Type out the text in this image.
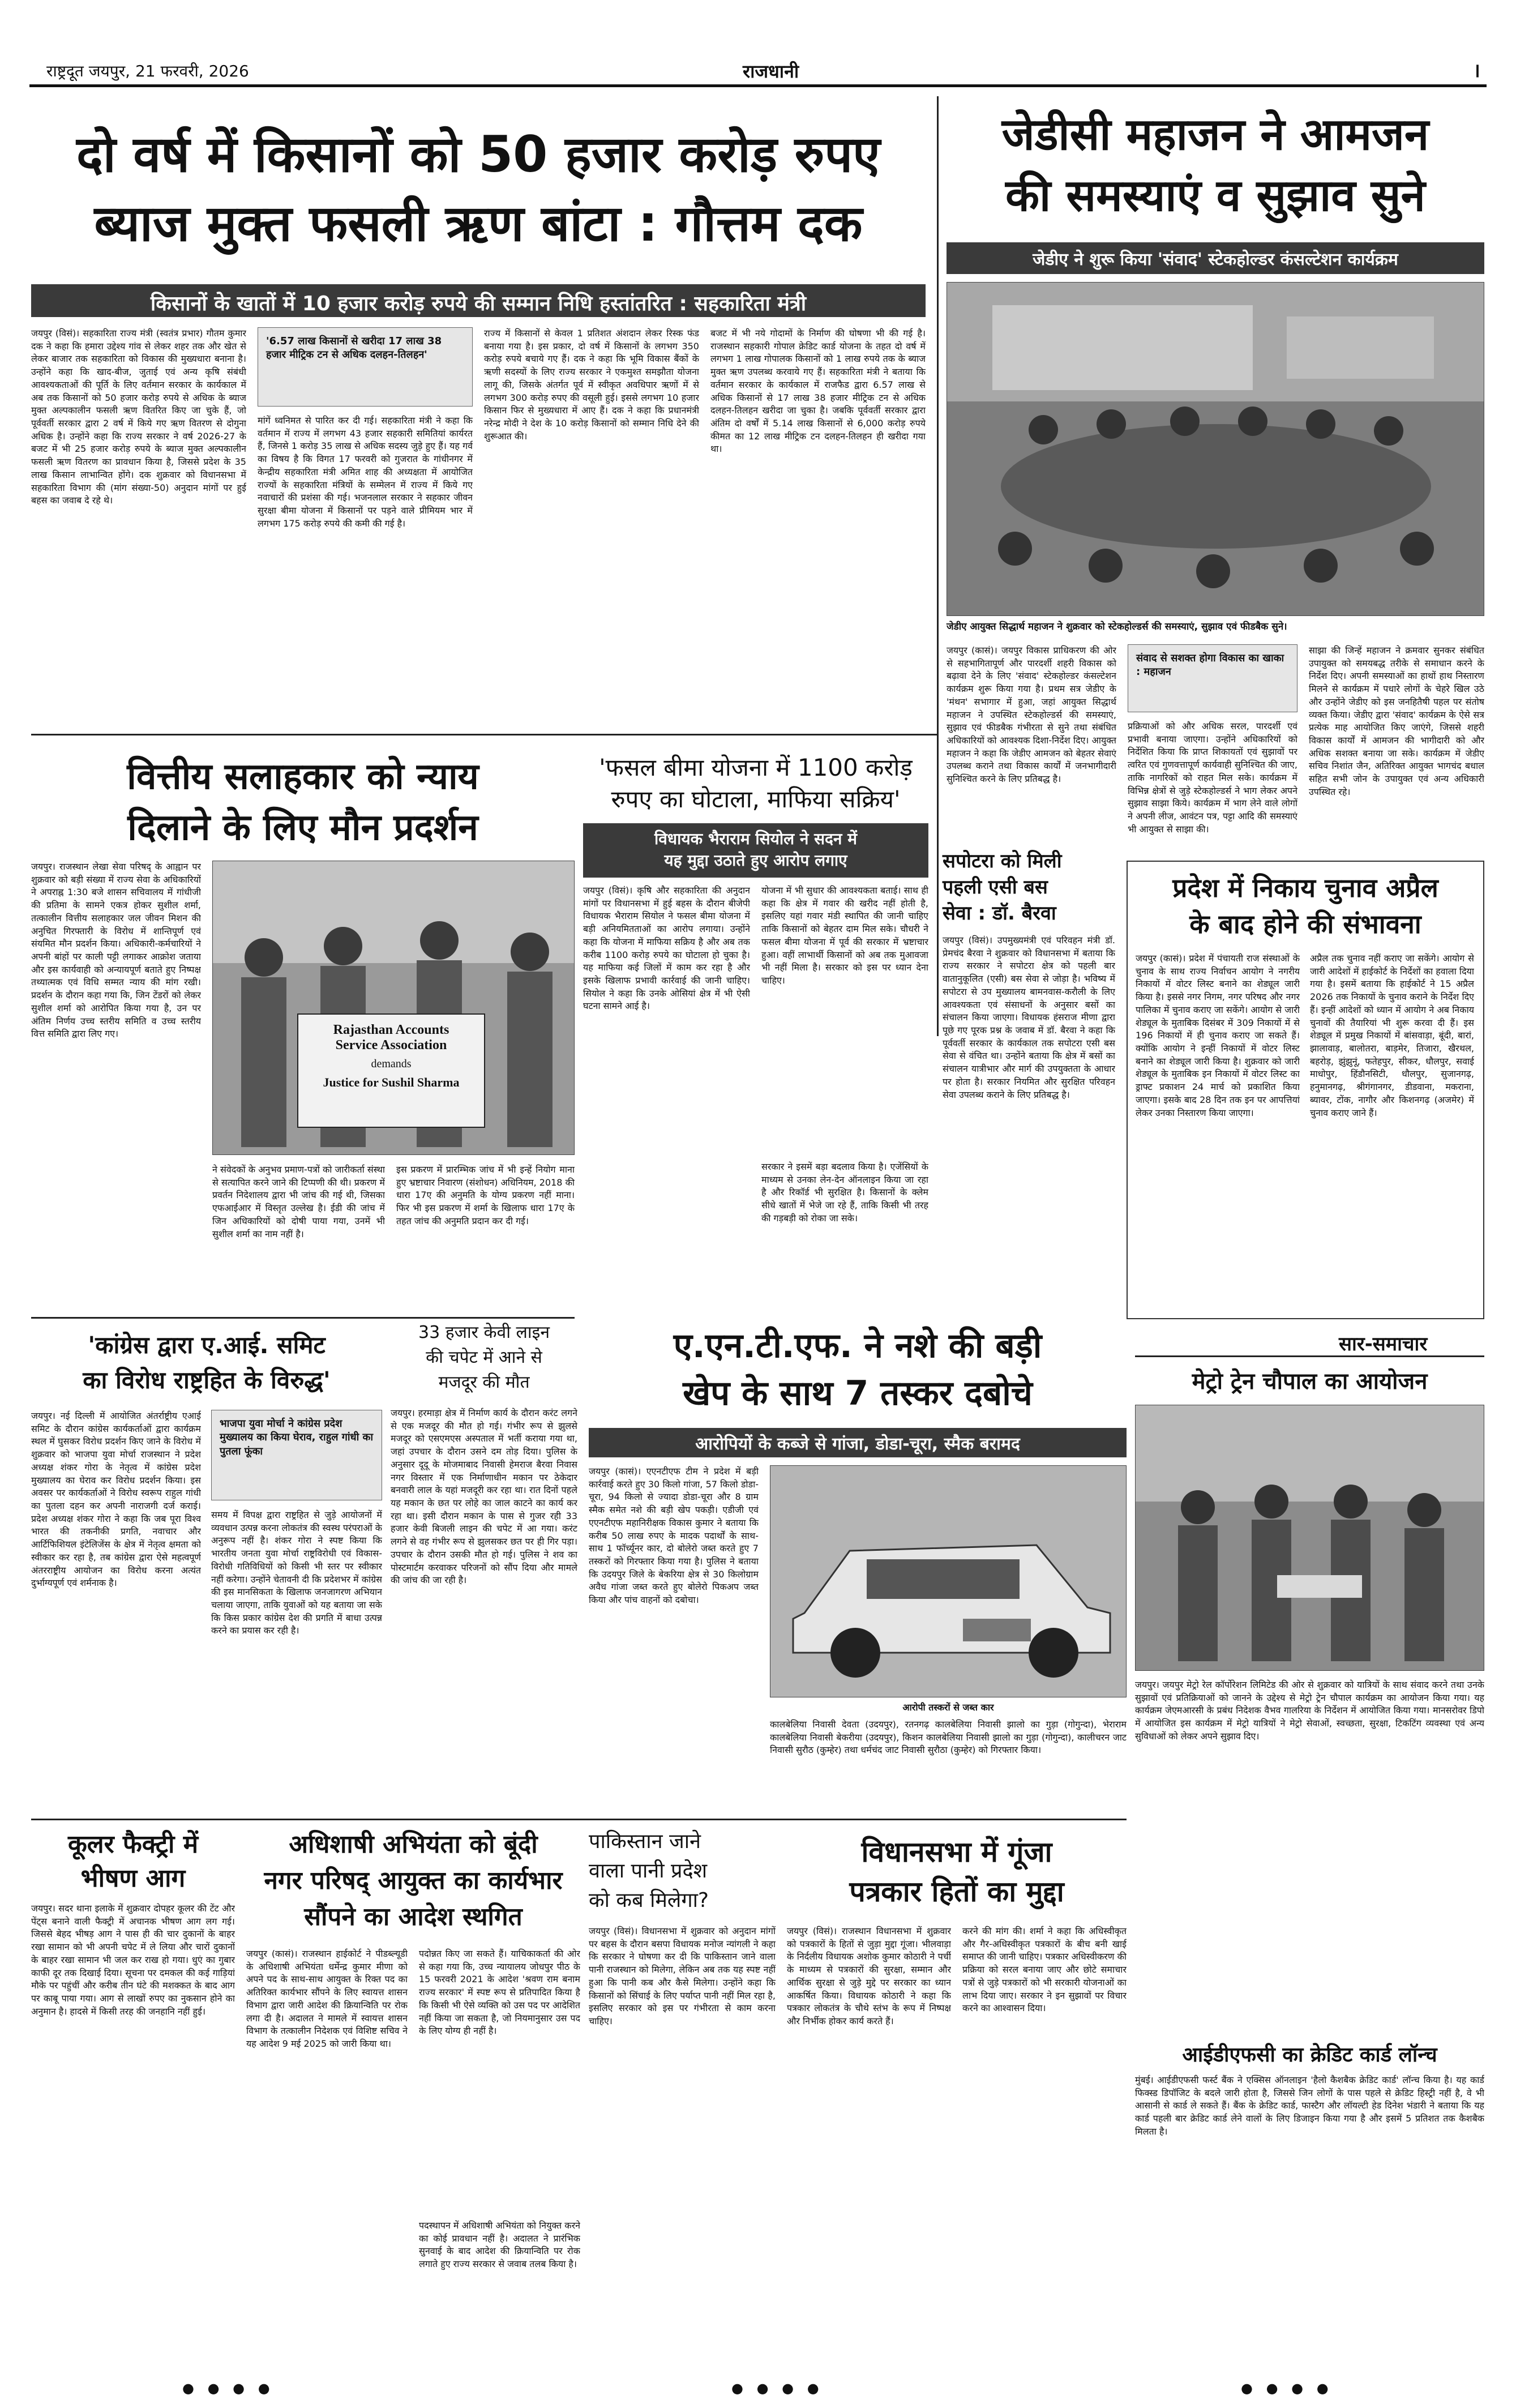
राष्ट्रदूत जयपुर, 21 फरवरी, 2026	राजधानी	।
दो वर्ष में किसानों को 50 हजार करोड़ रुपए
ब्याज मुक्त फसली ऋण बांटा : गौत्तम दक
किसानों के खातों में 10 हजार करोड़ रुपये की सम्मान निधि हस्तांतरित : सहकारिता मंत्री
जयपुर (विसं)। सहकारिता राज्य मंत्री (स्वतंत्र प्रभार) गौतम कुमार दक ने कहा कि हमारा उद्देश्य गांव से लेकर शहर तक और खेत से लेकर बाजार तक सहकारिता को विकास की मुख्यधारा बनाना है। उन्होंने कहा कि खाद-बीज, जुताई एवं अन्य कृषि संबंधी आवश्यकताओं की पूर्ति के लिए वर्तमान सरकार के कार्यकाल में अब तक किसानों को 50 हजार करोड़ रुपये से अधिक के ब्याज मुक्त अल्पकालीन फसली ऋण वितरित किए जा चुके हैं, जो पूर्ववर्ती सरकार द्वारा 2 वर्ष में किये गए ऋण वितरण से दोगुना अधिक है। उन्होंने कहा कि राज्य सरकार ने वर्ष 2026-27 के बजट में भी 25 हजार करोड़ रुपये के ब्याज मुक्त अल्पकालीन फसली ऋण वितरण का प्रावधान किया है, जिससे प्रदेश के 35 लाख किसान लाभान्वित होंगे। दक शुक्रवार को विधानसभा में सहकारिता विभाग की (मांग संख्या-50) अनुदान मांगों पर हुई बहस का जवाब दे रहे थे।
'6.57 लाख किसानों से खरीदा 17 लाख 38 हजार मीट्रिक टन से अधिक दलहन-तिलहन'
मांगें ध्वनिमत से पारित कर दी गई। सहकारिता मंत्री ने कहा कि वर्तमान में राज्य में लगभग 43 हजार सहकारी समितियां कार्यरत हैं, जिनसे 1 करोड़ 35 लाख से अधिक सदस्य जुड़े हुए हैं। यह गर्व का विषय है कि विगत 17 फरवरी को गुजरात के गांधीनगर में केन्द्रीय सहकारिता मंत्री अमित शाह की अध्यक्षता में आयोजित राज्यों के सहकारिता मंत्रियों के सम्मेलन में राज्य में किये गए नवाचारों की प्रशंसा की गई। भजनलाल सरकार ने सहकार जीवन सुरक्षा बीमा योजना में किसानों पर पड़ने वाले प्रीमियम भार में लगभग 175 करोड़ रुपये की कमी की गई है।
राज्य में किसानों से केवल 1 प्रतिशत अंशदान लेकर रिस्क फंड बनाया गया है। इस प्रकार, दो वर्ष में किसानों के लगभग 350 करोड़ रुपये बचाये गए हैं। दक ने कहा कि भूमि विकास बैंकों के ऋणी सदस्यों के लिए राज्य सरकार ने एकमुश्त समझौता योजना लागू की, जिसके अंतर्गत पूर्व में स्वीकृत अवधिपार ऋणों में से लगभग 300 करोड़ रुपए की वसूली हुई। इससे लगभग 10 हजार किसान फिर से मुख्यधारा में आए हैं। दक ने कहा कि प्रधानमंत्री नरेन्द्र मोदी ने देश के 10 करोड़ किसानों को सम्मान निधि देने की शुरूआत की।
बजट में भी नये गोदामों के निर्माण की घोषणा भी की गई है। राजस्थान सहकारी गोपाल क्रेडिट कार्ड योजना के तहत दो वर्ष में लगभग 1 लाख गोपालक किसानों को 1 लाख रुपये तक के ब्याज मुक्त ऋण उपलब्ध करवाये गए हैं। सहकारिता मंत्री ने बताया कि वर्तमान सरकार के कार्यकाल में राजफैड द्वारा 6.57 लाख से अधिक किसानों से 17 लाख 38 हजार मीट्रिक टन से अधिक दलहन-तिलहन खरीदा जा चुका है। जबकि पूर्ववर्ती सरकार द्वारा अंतिम दो वर्षों में 5.14 लाख किसानों से 6,000 करोड़ रुपये कीमत का 12 लाख मीट्रिक टन दलहन-तिलहन ही खरीदा गया था।
जेडीसी महाजन ने आमजन
की समस्याएं व सुझाव सुने
जेडीए ने शुरू किया 'संवाद' स्टेकहोल्डर कंसल्टेशन कार्यक्रम
जेडीए आयुक्त सिद्धार्थ महाजन ने शुक्रवार को स्टेकहोल्डर्स की समस्याएं, सुझाव एवं फीडबैक सुने।
जयपुर (कासं)। जयपुर विकास प्राधिकरण की ओर से सहभागितापूर्ण और पारदर्शी शहरी विकास को बढ़ावा देने के लिए 'संवाद' स्टेकहोल्डर कंसल्टेशन कार्यक्रम शुरू किया गया है। प्रथम सत्र जेडीए के 'मंथन' सभागार में हुआ, जहां आयुक्त सिद्धार्थ महाजन ने उपस्थित स्टेकहोल्डर्स की समस्याएं, सुझाव एवं फीडबैक गंभीरता से सुने तथा संबंधित अधिकारियों को आवश्यक दिशा-निर्देश दिए। आयुक्त महाजन ने कहा कि जेडीए आमजन को बेहतर सेवाएं उपलब्ध कराने तथा विकास कार्यों में जनभागीदारी सुनिश्चित करने के लिए प्रतिबद्ध है।
संवाद से सशक्त होगा विकास का खाका : महाजन
प्रक्रियाओं को और अधिक सरल, पारदर्शी एवं प्रभावी बनाया जाएगा। उन्होंने अधिकारियों को निर्देशित किया कि प्राप्त शिकायतों एवं सुझावों पर त्वरित एवं गुणवत्तापूर्ण कार्यवाही सुनिश्चित की जाए, ताकि नागरिकों को राहत मिल सके। कार्यक्रम में विभिन्न क्षेत्रों से जुड़े स्टेकहोल्डर्स ने भाग लेकर अपने सुझाव साझा किये। कार्यक्रम में भाग लेने वाले लोगों ने अपनी लीज, आवंटन पत्र, पट्टा आदि की समस्याएं भी आयुक्त से साझा की।
साझा की जिन्हें महाजन ने क्रमवार सुनकर संबंधित उपायुक्त को समयबद्ध तरीके से समाधान करने के निर्देश दिए। अपनी समस्याओं का हाथों हाथ निस्तारण मिलने से कार्यक्रम में पधारे लोगों के चेहरे खिल उठे और उन्होंने जेडीए को इस जनहितैषी पहल पर संतोष व्यक्त किया। जेडीए द्वारा 'संवाद' कार्यक्रम के ऐसे सत्र प्रत्येक माह आयोजित किए जाएंगे, जिससे शहरी विकास कार्यों में आमजन की भागीदारी को और अधिक सशक्त बनाया जा सके। कार्यक्रम में जेडीए सचिव निशांत जैन, अतिरिक्त आयुक्त भागचंद बधाल सहित सभी जोन के उपायुक्त एवं अन्य अधिकारी उपस्थित रहे।
वित्तीय सलाहकार को न्याय
दिलाने के लिए मौन प्रदर्शन
जयपुर। राजस्थान लेखा सेवा परिषद् के आह्वान पर शुक्रवार को बड़ी संख्या में राज्य सेवा के अधिकारियों ने अपराह्न 1:30 बजे शासन सचिवालय में गांधीजी की प्रतिमा के सामने एकत्र होकर सुशील शर्मा, तत्कालीन वित्तीय सलाहकार जल जीवन मिशन की अनुचित गिरफ्तारी के विरोध में शान्तिपूर्ण एवं संयमित मौन प्रदर्शन किया। अधिकारी-कर्मचारियों ने अपनी बांहों पर काली पट्टी लगाकर आक्रोश जताया और इस कार्यवाही को अन्यायपूर्ण बताते हुए निष्पक्ष तथ्यात्मक एवं विधि सम्मत न्याय की मांग रखी। प्रदर्शन के दौरान कहा गया कि, जिन टेंडरों को लेकर सुशील शर्मा को आरोपित किया गया है, उन पर अंतिम निर्णय उच्च स्तरीय समिति व उच्च स्तरीय वित्त समिति द्वारा लिए गए।	Rajasthan Accounts
Service Association
demands
Justice for Sushil Sharma
ने संवेदकों के अनुभव प्रमाण-पत्रों को जारीकर्ता संस्था से सत्यापित करने जाने की टिप्पणी की थी। प्रकरण में प्रवर्तन निदेशालय द्वारा भी जांच की गई थी, जिसका एफआईआर में विस्तृत उल्लेख है। ईडी की जांच में जिन अधिकारियों को दोषी पाया गया, उनमें भी सुशील शर्मा का नाम नहीं है।
इस प्रकरण में प्रारम्भिक जांच में भी इन्हें नियोग माना हुए भ्रष्टाचार निवारण (संशोधन) अधिनियम, 2018 की धारा 17ए की अनुमति के योग्य प्रकरण नहीं माना। फिर भी इस प्रकरण में शर्मा के खिलाफ धारा 17ए के तहत जांच की अनुमति प्रदान कर दी गई।
'फसल बीमा योजना में 1100 करोड़
रुपए का घोटाला, माफिया सक्रिय'
विधायक भैराराम सियोल ने सदन में
यह मुद्दा उठाते हुए आरोप लगाए
जयपुर (विसं)। कृषि और सहकारिता की अनुदान मांगों पर विधानसभा में हुई बहस के दौरान बीजेपी विधायक भैराराम सियोल ने फसल बीमा योजना में बड़ी अनियमितताओं का आरोप लगाया। उन्होंने कहा कि योजना में माफिया सक्रिय है और अब तक करीब 1100 करोड़ रुपये का घोटाला हो चुका है। यह माफिया कई जिलों में काम कर रहा है और इसके खिलाफ प्रभावी कार्रवाई की जानी चाहिए। सियोल ने कहा कि उनके ओसियां क्षेत्र में भी ऐसी घटना सामने आई है।
योजना में भी सुधार की आवश्यकता बताई। साथ ही कहा कि क्षेत्र में गवार की खरीद नहीं होती है, इसलिए यहां गवार मंडी स्थापित की जानी चाहिए ताकि किसानों को बेहतर दाम मिल सके। चौधरी ने फसल बीमा योजना में पूर्व की सरकार में भ्रष्टाचार हुआ। वहीं लाभार्थी किसानों को अब तक मुआवजा भी नहीं मिला है। सरकार को इस पर ध्यान देना चाहिए।
सरकार ने इसमें बड़ा बदलाव किया है। एजेंसियों के माध्यम से उनका लेन-देन ऑनलाइन किया जा रहा है और रिकॉर्ड भी सुरक्षित है। किसानों के क्लेम सीधे खातों में भेजे जा रहे हैं, ताकि किसी भी तरह की गड़बड़ी को रोका जा सके।
सपोटरा को मिली
पहली एसी बस
सेवा : डॉ. बैरवा
जयपुर (विसं)। उपमुख्यमंत्री एवं परिवहन मंत्री डॉ. प्रेमचंद बैरवा ने शुक्रवार को विधानसभा में बताया कि राज्य सरकार ने सपोटरा क्षेत्र को पहली बार वातानुकूलित (एसी) बस सेवा से जोड़ा है। भविष्य में सपोटरा से उप मुख्यालय बामनवास-करौली के लिए आवश्यकता एवं संसाधनों के अनुसार बसों का संचालन किया जाएगा। विधायक हंसराज मीणा द्वारा पूछे गए पूरक प्रश्न के जवाब में डॉ. बैरवा ने कहा कि पूर्ववर्ती सरकार के कार्यकाल तक सपोटरा एसी बस सेवा से वंचित था। उन्होंने बताया कि क्षेत्र में बसों का संचालन यात्रीभार और मार्ग की उपयुक्तता के आधार पर होता है। सरकार नियमित और सुरक्षित परिवहन सेवा उपलब्ध कराने के लिए प्रतिबद्ध है।
प्रदेश में निकाय चुनाव अप्रैल
के बाद होने की संभावना
जयपुर (कासं)। प्रदेश में पंचायती राज संस्थाओं के चुनाव के साथ राज्य निर्वाचन आयोग ने नगरीय निकायों में वोटर लिस्ट बनाने का शेड्यूल जारी किया है। इससे नगर निगम, नगर परिषद और नगर पालिका में चुनाव कराए जा सकेंगे। आयोग से जारी शेड्यूल के मुताबिक दिसंबर में 309 निकायों में से 196 निकायों में ही चुनाव कराए जा सकते हैं। क्योंकि आयोग ने इन्हीं निकायों में वोटर लिस्ट बनाने का शेड्यूल जारी किया है। शुक्रवार को जारी शेड्यूल के मुताबिक इन निकायों में वोटर लिस्ट का ड्राफ्ट प्रकाशन 24 मार्च को प्रकाशित किया जाएगा। इसके बाद 28 दिन तक इन पर आपत्तियां लेकर उनका निस्तारण किया जाएगा।
अप्रैल तक चुनाव नहीं कराए जा सकेंगे। आयोग से जारी आदेशों में हाईकोर्ट के निर्देशों का हवाला दिया गया है। इसमें बताया कि हाईकोर्ट ने 15 अप्रैल 2026 तक निकायों के चुनाव कराने के निर्देश दिए हैं। इन्हीं आदेशों को ध्यान में आयोग ने अब निकाय चुनावों की तैयारियां भी शुरू करवा दी हैं। इस शेड्यूल में प्रमुख निकायों में बांसवाड़ा, बूंदी, बारां, झालावाड़, बालोतरा, बाड़मेर, तिजारा, खैरथल, बहरोड़, झुंझुनूं, फतेहपुर, सीकर, धौलपुर, सवाई माधोपुर, हिंडौनसिटी, धौलपुर, सुजानगढ़, हनुमानगढ़, श्रीगंगानगर, डीडवाना, मकराना, ब्यावर, टोंक, नागौर और किशनगढ़ (अजमेर) में चुनाव कराए जाने हैं।
'कांग्रेस द्वारा ए.आई. समिट
का विरोध राष्ट्रहित के विरुद्ध'
जयपुर। नई दिल्ली में आयोजित अंतर्राष्ट्रीय एआई समिट के दौरान कांग्रेस कार्यकर्ताओं द्वारा कार्यक्रम स्थल में घुसकर विरोध प्रदर्शन किए जाने के विरोध में शुक्रवार को भाजपा युवा मोर्चा राजस्थान ने प्रदेश अध्यक्ष शंकर गोरा के नेतृत्व में कांग्रेस प्रदेश मुख्यालय का घेराव कर विरोध प्रदर्शन किया। इस अवसर पर कार्यकर्ताओं ने विरोध स्वरूप राहुल गांधी का पुतला दहन कर अपनी नाराजगी दर्ज कराई। प्रदेश अध्यक्ष शंकर गोरा ने कहा कि जब पूरा विश्व भारत की तकनीकी प्रगति, नवाचार और आर्टिफिशियल इंटेलिजेंस के क्षेत्र में नेतृत्व क्षमता को स्वीकार कर रहा है, तब कांग्रेस द्वारा ऐसे महत्वपूर्ण अंतरराष्ट्रीय आयोजन का विरोध करना अत्यंत दुर्भाग्यपूर्ण एवं शर्मनाक है।
भाजपा युवा मोर्चा ने कांग्रेस प्रदेश मुख्यालय का किया घेराव, राहुल गांधी का पुतला फूंका
समय में विपक्ष द्वारा राष्ट्रहित से जुड़े आयोजनों में व्यवधान उत्पन्न करना लोकतंत्र की स्वस्थ परंपराओं के अनुरूप नहीं है। शंकर गोरा ने स्पष्ट किया कि भारतीय जनता युवा मोर्चा राष्ट्रविरोधी एवं विकास-विरोधी गतिविधियों को किसी भी स्तर पर स्वीकार नहीं करेगा। उन्होंने चेतावनी दी कि प्रदेशभर में कांग्रेस की इस मानसिकता के खिलाफ जनजागरण अभियान चलाया जाएगा, ताकि युवाओं को यह बताया जा सके कि किस प्रकार कांग्रेस देश की प्रगति में बाधा उत्पन्न करने का प्रयास कर रही है।
33 हजार केवी लाइन
की चपेट में आने से
मजदूर की मौत
जयपुर। हरमाड़ा क्षेत्र में निर्माण कार्य के दौरान करंट लगने से एक मजदूर की मौत हो गई। गंभीर रूप से झुलसे मजदूर को एसएमएस अस्पताल में भर्ती कराया गया था, जहां उपचार के दौरान उसने दम तोड़ दिया। पुलिस के अनुसार दूदू के मोजमाबाद निवासी हेमराज बैरवा निवास नगर विस्तार में एक निर्माणाधीन मकान पर ठेकेदार बनवारी लाल के यहां मजदूरी कर रहा था। रात दिनों पहले यह मकान के छत पर लोहे का जाल काटने का कार्य कर रहा था। इसी दौरान मकान के पास से गुजर रही 33 हजार केवी बिजली लाइन की चपेट में आ गया। करंट लगने से वह गंभीर रूप से झुलसकर छत पर ही गिर पड़ा। उपचार के दौरान उसकी मौत हो गई। पुलिस ने शव का पोस्टमार्टम करवाकर परिजनों को सौंप दिया और मामले की जांच की जा रही है।
ए.एन.टी.एफ. ने नशे की बड़ी
खेप के साथ 7 तस्कर दबोचे
आरोपियों के कब्जे से गांजा, डोडा-चूरा, स्मैक बरामद
जयपुर (कासं)। एएनटीएफ टीम ने प्रदेश में बड़ी कार्रवाई करते हुए 30 किलो गांजा, 57 किलो डोडा-चूरा, 94 किलो से ज्यादा डोडा-चूरा और 8 ग्राम स्मैक समेत नशे की बड़ी खेप पकड़ी। एडीजी एवं एएनटीएफ महानिरीक्षक विकास कुमार ने बताया कि करीब 50 लाख रुपए के मादक पदार्थों के साथ-साथ 1 फॉर्च्यूनर कार, दो बोलेरो जब्त करते हुए 7 तस्करों को गिरफ्तार किया गया है। पुलिस ने बताया कि उदयपुर जिले के बेकरिया क्षेत्र से 30 किलोग्राम अवैध गांजा जब्त करते हुए बोलेरो पिकअप जब्त किया और पांच वाहनों को दबोचा।
आरोपी तस्करों से जब्त कार
कालबेलिया निवासी देवता (उदयपुर), रतनगढ़ कालबेलिया निवासी झालो का गुड़ा (गोगुन्दा), भेराराम कालबेलिया निवासी बेकरीया (उदयपुर), किशन कालबेलिया निवासी झालो का गुड़ा (गोगुन्दा), कालीचरन जाट निवासी सुरौठ (कुम्हेर) तथा धर्मचंद जाट निवासी सुरौठा (कुम्हेर) को गिरफ्तार किया।
सार-समाचार
मेट्रो ट्रेन चौपाल का आयोजन
जयपुर। जयपुर मेट्रो रेल कॉर्पोरेशन लिमिटेड की ओर से शुक्रवार को यात्रियों के साथ संवाद करने तथा उनके सुझावों एवं प्रतिक्रियाओं को जानने के उद्देश्य से मेट्रो ट्रेन चौपाल कार्यक्रम का आयोजन किया गया। यह कार्यक्रम जेएमआरसी के प्रबंध निदेशक वैभव गालरिया के निर्देशन में आयोजित किया गया। मानसरोवर डिपो में आयोजित इस कार्यक्रम में मेट्रो यात्रियों ने मेट्रो सेवाओं, स्वच्छता, सुरक्षा, टिकटिंग व्यवस्था एवं अन्य सुविधाओं को लेकर अपने सुझाव दिए।
आईडीएफसी का क्रेडिट कार्ड लॉन्च
मुंबई। आईडीएफसी फर्स्ट बैंक ने एक्सिस ऑनलाइन 'हैलो कैशबैक क्रेडिट कार्ड' लॉन्च किया है। यह कार्ड फिक्स्ड डिपॉजिट के बदले जारी होता है, जिससे जिन लोगों के पास पहले से क्रेडिट हिस्ट्री नहीं है, वे भी आसानी से कार्ड ले सकते हैं। बैंक के क्रेडिट कार्ड, फास्टैग और लॉयल्टी हेड दिनेश भंडारी ने बताया कि यह कार्ड पहली बार क्रेडिट कार्ड लेने वालों के लिए डिजाइन किया गया है और इसमें 5 प्रतिशत तक कैशबैक मिलता है।
कूलर फैक्ट्री में
भीषण आग
जयपुर। सदर थाना इलाके में शुक्रवार दोपहर कूलर की टेंट और पेंट्स बनाने वाली फैक्ट्री में अचानक भीषण आग लग गई। जिससे बेहद भीषड़ आग ने पास ही की चार दुकानों के बाहर रखा सामान को भी अपनी चपेट में ले लिया और चारों दुकानों के बाहर रखा सामान भी जल कर राख हो गया। धुएं का गुबार काफी दूर तक दिखाई दिया। सूचना पर दमकल की कई गाड़ियां मौके पर पहुंचीं और करीब तीन घंटे की मशक्कत के बाद आग पर काबू पाया गया। आग से लाखों रुपए का नुकसान होने का अनुमान है। हादसे में किसी तरह की जनहानि नहीं हुई।
अधिशाषी अभियंता को बूंदी
नगर परिषद् आयुक्त का कार्यभार
सौंपने का आदेश स्थगित
जयपुर (कासं)। राजस्थान हाईकोर्ट ने पीडब्ल्यूडी के अधिशाषी अभियंता धर्मेन्द्र कुमार मीणा को अपने पद के साथ-साथ आयुक्त के रिक्त पद का अतिरिक्त कार्यभार सौंपने के लिए स्वायत्त शासन विभाग द्वारा जारी आदेश की क्रियान्विति पर रोक लगा दी है। अदालत ने मामले में स्वायत्त शासन विभाग के तत्कालीन निदेशक एवं विशिष्ट सचिव ने यह आदेश 9 मई 2025 को जारी किया था।
पदोन्नत किए जा सकते हैं। याचिकाकर्ता की ओर से कहा गया कि, उच्च न्यायालय जोधपुर पीठ के 15 फरवरी 2021 के आदेश 'श्रवण राम बनाम राज्य सरकार' में स्पष्ट रूप से प्रतिपादित किया है कि किसी भी ऐसे व्यक्ति को उस पद पर आदेशित नहीं किया जा सकता है, जो नियमानुसार उस पद के लिए योग्य ही नहीं है।
पदस्थापन में अधिशाषी अभियंता को नियुक्त करने का कोई प्रावधान नहीं है। अदालत ने प्रारंभिक सुनवाई के बाद आदेश की क्रियान्विति पर रोक लगाते हुए राज्य सरकार से जवाब तलब किया है।
पाकिस्तान जाने
वाला पानी प्रदेश
को कब मिलेगा?
जयपुर (विसं)। विधानसभा में शुक्रवार को अनुदान मांगों पर बहस के दौरान बसपा विधायक मनोज न्यांगली ने कहा कि सरकार ने घोषणा कर दी कि पाकिस्तान जाने वाला पानी राजस्थान को मिलेगा, लेकिन अब तक यह स्पष्ट नहीं हुआ कि पानी कब और कैसे मिलेगा। उन्होंने कहा कि किसानों को सिंचाई के लिए पर्याप्त पानी नहीं मिल रहा है, इसलिए सरकार को इस पर गंभीरता से काम करना चाहिए।
विधानसभा में गूंजा
पत्रकार हितों का मुद्दा
जयपुर (विसं)। राजस्थान विधानसभा में शुक्रवार को पत्रकारों के हितों से जुड़ा मुद्दा गूंजा। भीलवाड़ा के निर्दलीय विधायक अशोक कुमार कोठारी ने पर्ची के माध्यम से पत्रकारों की सुरक्षा, सम्मान और आर्थिक सुरक्षा से जुड़े मुद्दे पर सरकार का ध्यान आकर्षित किया। विधायक कोठारी ने कहा कि पत्रकार लोकतंत्र के चौथे स्तंभ के रूप में निष्पक्ष और निर्भीक होकर कार्य करते हैं।
करने की मांग की। शर्मा ने कहा कि अधिस्वीकृत और गैर-अधिस्वीकृत पत्रकारों के बीच बनी खाई समाप्त की जानी चाहिए। पत्रकार अधिस्वीकरण की प्रक्रिया को सरल बनाया जाए और छोटे समाचार पत्रों से जुड़े पत्रकारों को भी सरकारी योजनाओं का लाभ दिया जाए। सरकार ने इन सुझावों पर विचार करने का आश्वासन दिया।
● ● ● ●	● ● ● ●	● ● ● ●
